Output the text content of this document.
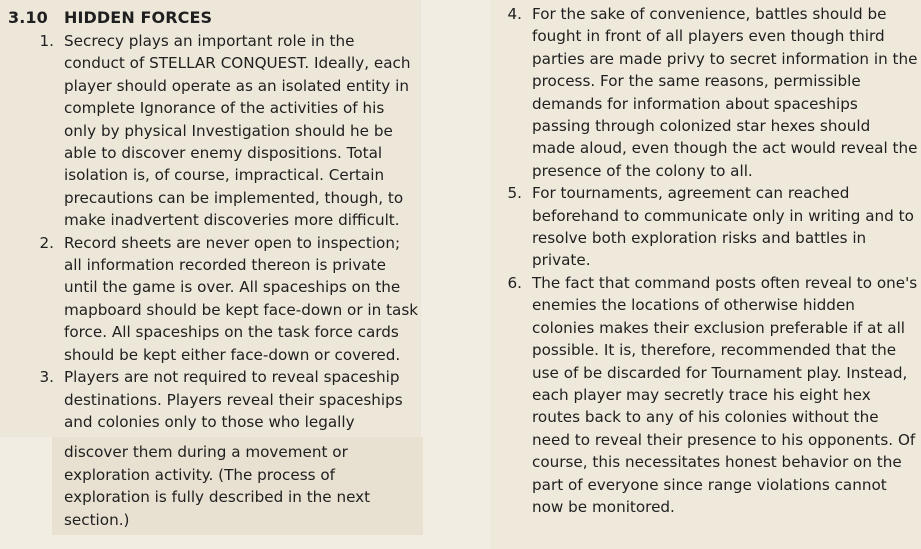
3.10 HIDDEN FORCES
1. Secrecy plays an important role in the conduct of STELLAR CONQUEST. Ideally, each player should operate as an isolated entity in complete Ignorance of the activities of his only by physical Investigation should he be able to discover enemy dispositions. Total isolation is, of course, impractical. Certain precautions can be implemented, though, to make inadvertent discoveries more difficult.

2. Record sheets are never open to inspection; all information recorded thereon is private until the game is over. All spaceships on the mapboard should be kept face-down or in task force. All spaceships on the task force cards should be kept either face-down or covered.

3. Players are not required to reveal spaceship destinations. Players reveal their spaceships and colonies only to those who legally

discover them during a movement or exploration activity. (The process of exploration is fully described in the next section.)

4. For the sake of convenience, battles should be fought in front of all players even though third parties are made privy to secret information in the process. For the same reasons, permissible demands for information about spaceships passing through colonized star hexes should made aloud, even though the act would reveal the presence of the colony to all.

5. For tournaments, agreement can reached beforehand to communicate only in writing and to resolve both exploration risks and battles in private.

6. The fact that command posts often reveal to one's enemies the locations of otherwise hidden colonies makes their exclusion preferable if at all possible. It is, therefore, recommended that the use of be discarded for Tournament play. Instead, each player may secretly trace his eight hex routes back to any of his colonies without the need to reveal their presence to his opponents. Of course, this necessitates honest behavior on the part of everyone since range violations cannot now be monitored.
